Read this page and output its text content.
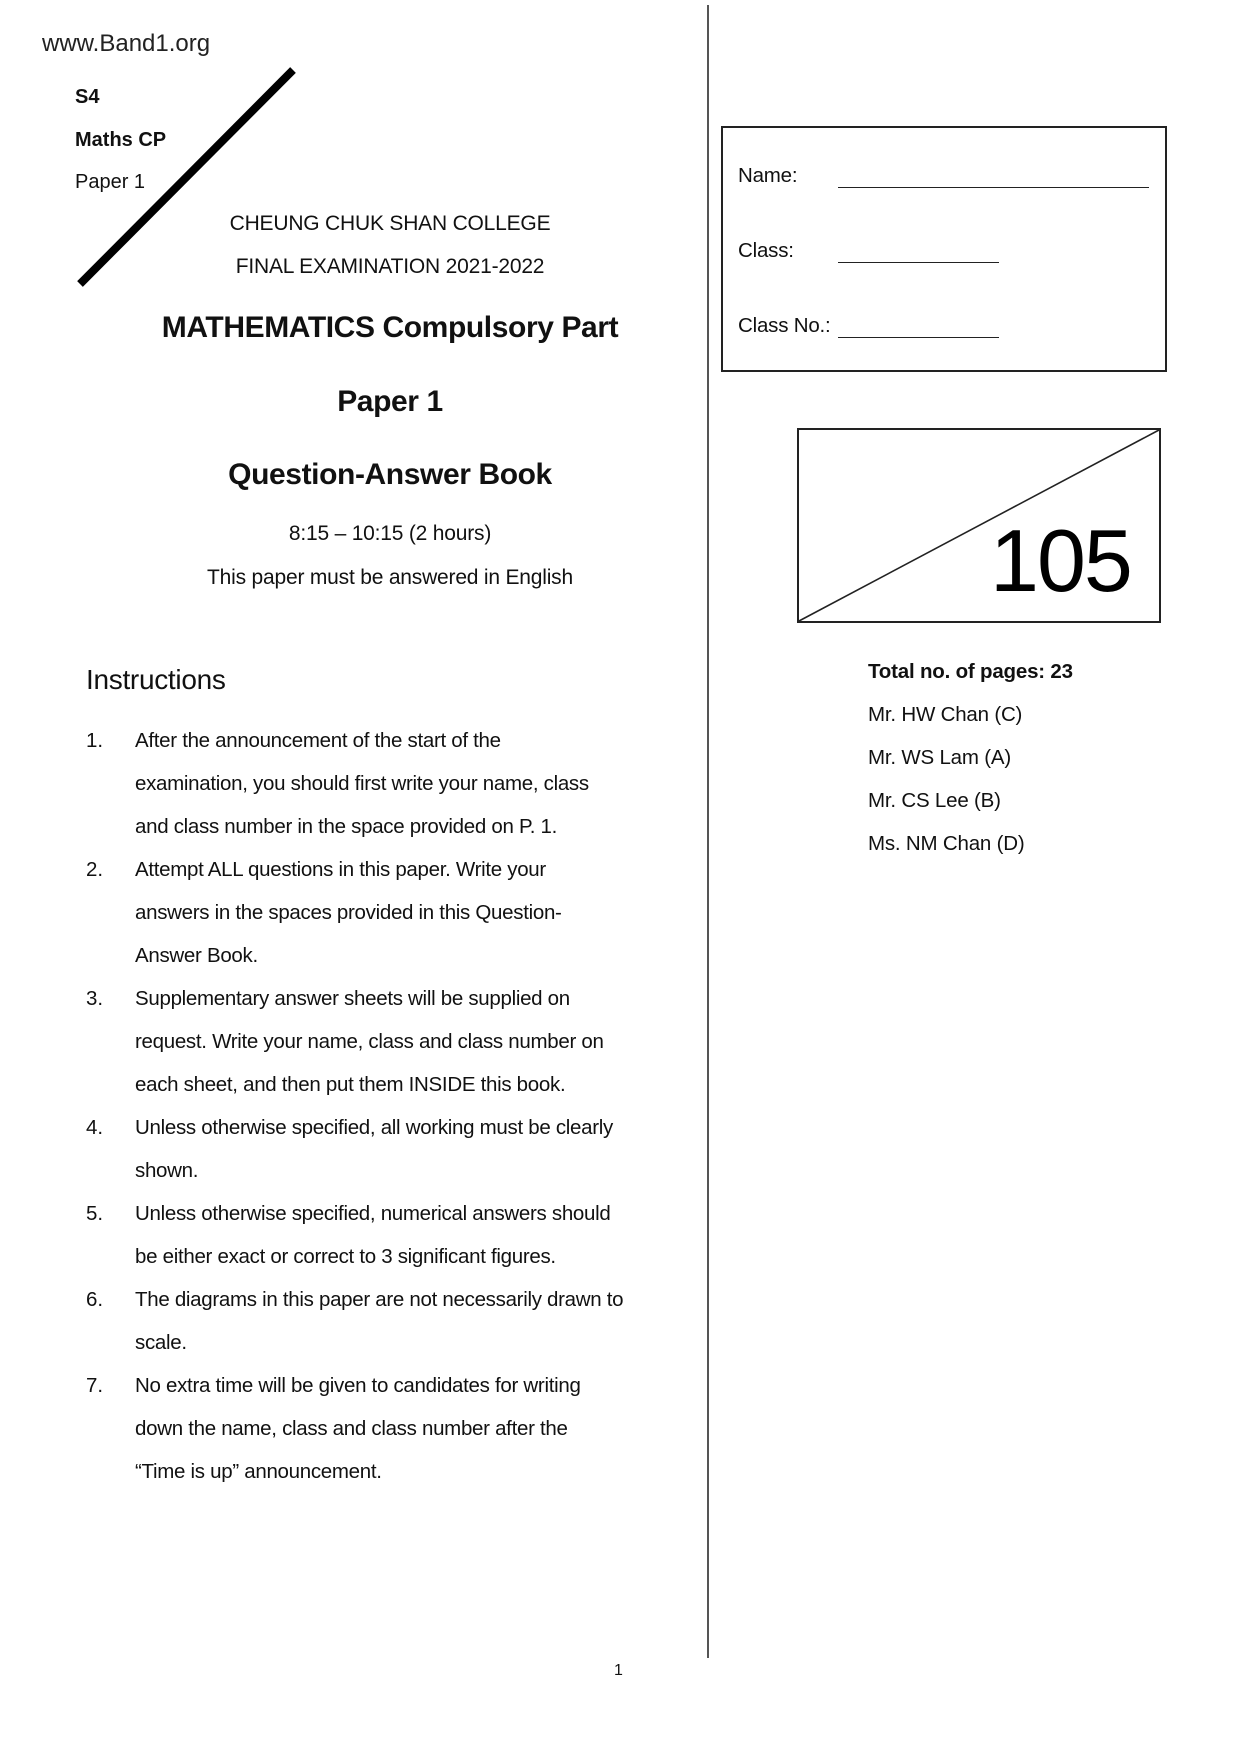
www.Band1.org
S4
Maths CP
Paper 1
CHEUNG CHUK SHAN COLLEGE
FINAL EXAMINATION 2021-2022
MATHEMATICS Compulsory Part
Paper 1
Question-Answer Book
8:15 – 10:15 (2 hours)
This paper must be answered in English
Instructions
1. After the announcement of the start of the
examination, you should first write your name, class
and class number in the space provided on P. 1.
2. Attempt ALL questions in this paper. Write your
answers in the spaces provided in this Question-
Answer Book.
3. Supplementary answer sheets will be supplied on
request. Write your name, class and class number on
each sheet, and then put them INSIDE this book.
4. Unless otherwise specified, all working must be clearly
shown.
5. Unless otherwise specified, numerical answers should
be either exact or correct to 3 significant figures.
6. The diagrams in this paper are not necessarily drawn to
scale.
7. No extra time will be given to candidates for writing
down the name, class and class number after the
“Time is up” announcement.
Name:
Class:
Class No.:
105
Total no. of pages: 23
Mr. HW Chan (C)
Mr. WS Lam (A)
Mr. CS Lee (B)
Ms. NM Chan (D)
1
